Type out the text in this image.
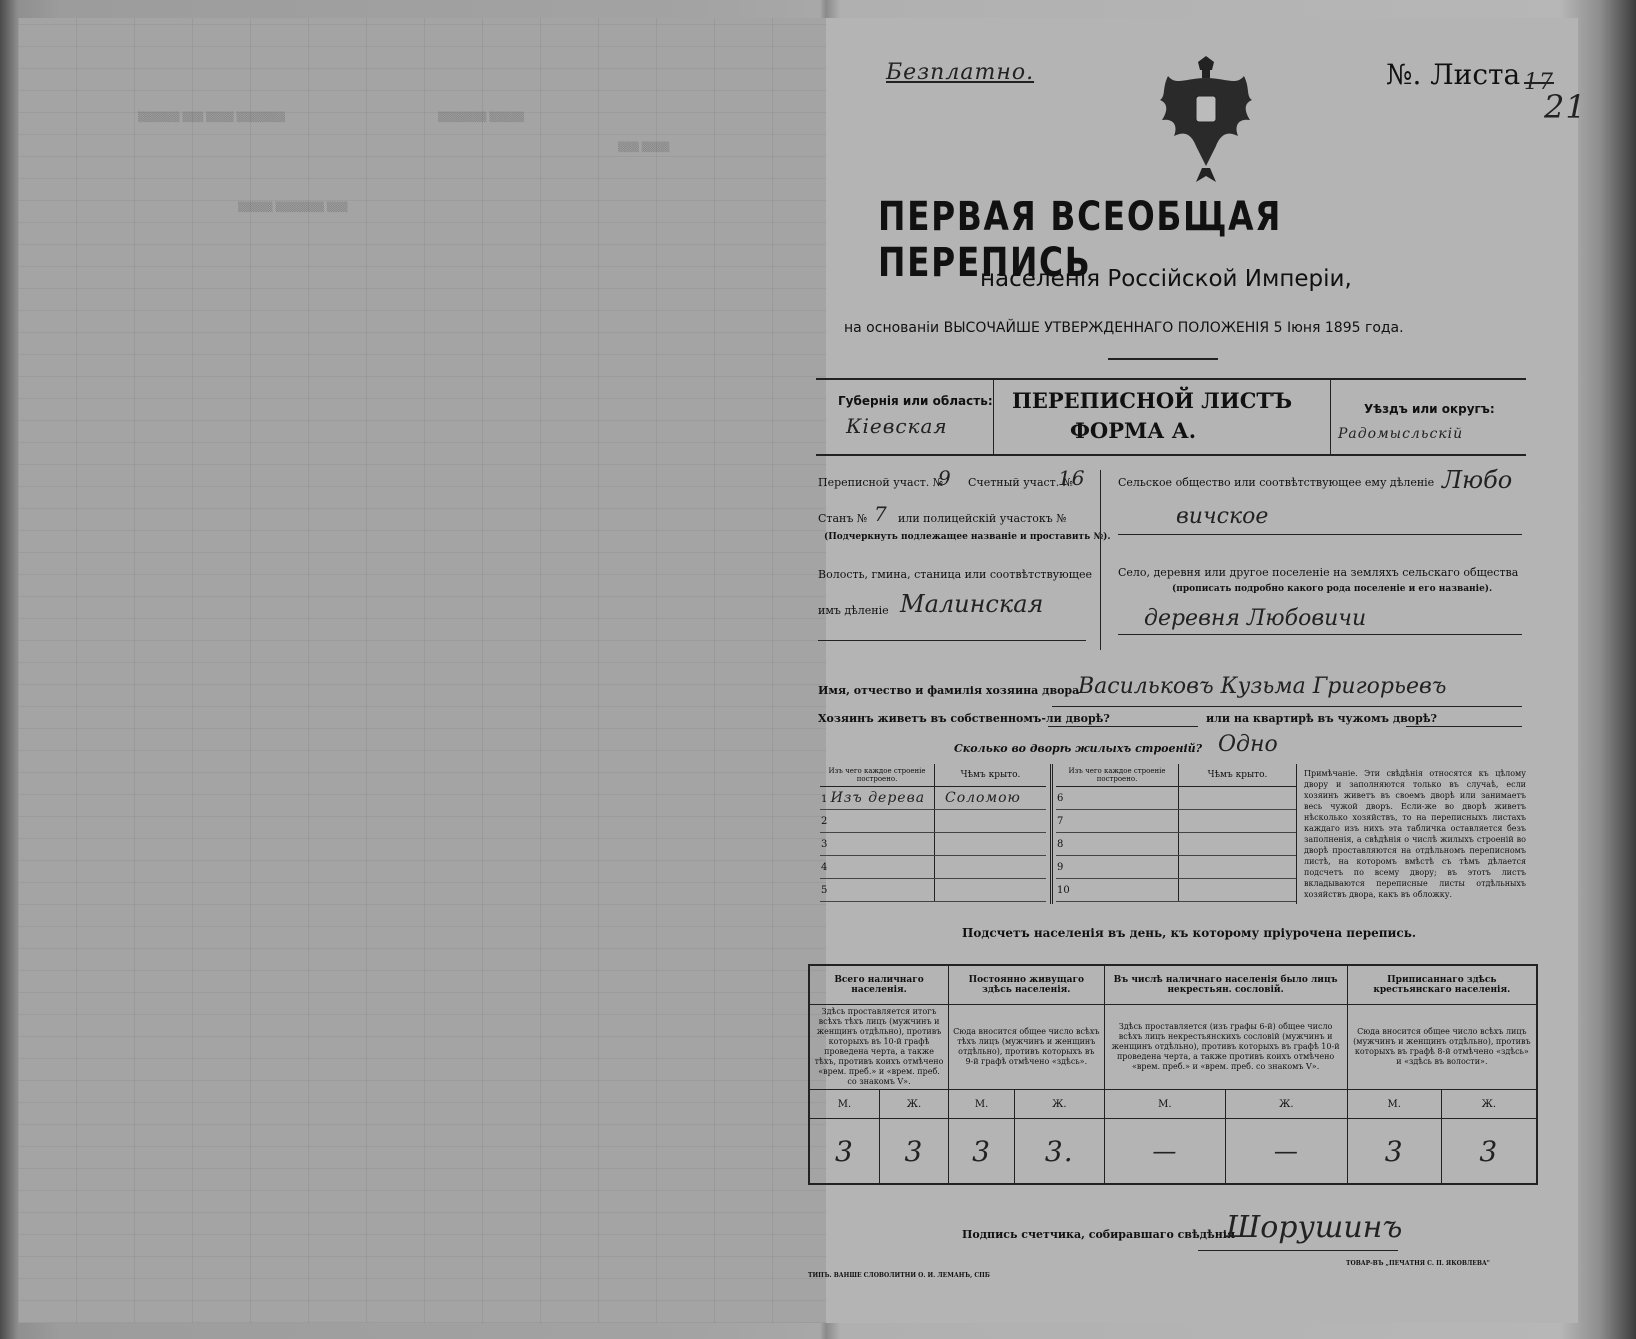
▒▒▒▒▒▒ ▒▒▒ ▒▒▒▒ ▒▒▒▒▒▒▒	▒▒▒▒▒▒▒ ▒▒▒▒▒
▒▒▒▒▒ ▒▒▒▒▒▒▒ ▒▒▒
▒▒▒ ▒▒▒▒
Безплатно.	№. Листа 17
21
ПЕРВАЯ ВСЕОБЩАЯ ПЕРЕПИСЬ
населенія Россійской Имперіи,
на основаніи ВЫСОЧАЙШЕ УТВЕРЖДЕННАГО ПОЛОЖЕНІЯ 5 Іюня 1895 года.
Губернія или область:
Кіевская
ПЕРЕПИСНОЙ ЛИСТЪ
ФОРМА А.
Уѣздъ или округъ:
Радомысльскій
Переписной участ. №
9 Счетный участ. №
16
Станъ № 7 или полицейскій участокъ №
(Подчеркнуть подлежащее названіе и проставить №).
Волость, гмина, станица или соотвѣтствующее
имъ дѣленіе Малинская
Сельское общество или соотвѣтствующее ему дѣленіе Любо
вичское
Село, деревня или другое поселеніе на земляхъ сельскаго общества
(прописать подробно какого рода поселеніе и его названіе).
деревня Любовичи
Имя, отчество и фамилія хозяина двора
Васильковъ Кузьма Григорьевъ
Хозяинъ живетъ въ собственномъ-ли дворѣ?	или на квартирѣ въ чужомъ дворѣ?
Сколько во дворѣ жилыхъ строеній? Одно
Изъ чего каждое строеніе построено.	Чѣмъ крыто.
1 Изъ дерева	Соломою
2	
3	
4	
5	
Изъ чего каждое строеніе построено.	Чѣмъ крыто.
6	
7	
8	
9	
10	
Примѣчаніе. Эти свѣдѣнія относятся къ цѣлому двору и заполняются только въ случаѣ, если хозяинъ живетъ въ своемъ дворѣ или занимаетъ весь чужой дворъ. Если-же во дворѣ живетъ нѣсколько хозяйствъ, то на переписныхъ листахъ каждаго изъ нихъ эта табличка оставляется безъ заполненія, а свѣдѣнія о числѣ жилыхъ строеній во дворѣ проставляются на отдѣльномъ переписномъ листѣ, на которомъ вмѣстѣ съ тѣмъ дѣлается подсчетъ по всему двору; въ этотъ листъ вкладываются переписные листы отдѣльныхъ хозяйствъ двора, какъ въ обложку.
Подсчетъ населенія въ день, къ которому пріурочена перепись.
Всего наличнаго населенія.		Постоянно живущаго здѣсь населенія.		Въ числѣ наличнаго населенія было лицъ некрестьян. сословій.		Приписаннаго здѣсь крестьянскаго населенія.	
Здѣсь проставляется итогъ всѣхъ тѣхъ лицъ (мужчинъ и женщинъ отдѣльно), противъ которыхъ въ 10-й графѣ проведена черта, а также тѣхъ, противъ коихъ отмѣчено «врем. преб.» и «врем. преб. со знакомъ V».		Сюда вносится общее число всѣхъ тѣхъ лицъ (мужчинъ и женщинъ отдѣльно), противъ которыхъ въ 9-й графѣ отмѣчено «здѣсь».		Здѣсь проставляется (изъ графы 6-й) общее число всѣхъ лицъ некрестьянскихъ сословій (мужчинъ и женщинъ отдѣльно), противъ которыхъ въ графѣ 10-й проведена черта, а также противъ коихъ отмѣчено «врем. преб.» и «врем. преб. со знакомъ V».		Сюда вносится общее число всѣхъ лицъ (мужчинъ и женщинъ отдѣльно), противъ которыхъ въ графѣ 8-й отмѣчено «здѣсь» и «здѣсь въ волости».	
М.	Ж.	М.	Ж.	М.	Ж.	М.	Ж.
3	3	3	3.	—	—	3	3
Подпись счетчика, собиравшаго свѣдѣнія
Шорушинъ
ТИПЪ. ВАНШЕ СЛОВОЛИТНИ О. И. ЛЕМАНЪ, СПБ
ТОВАР-ВЪ „ПЕЧАТНЯ С. П. ЯКОВЛЕВА"
